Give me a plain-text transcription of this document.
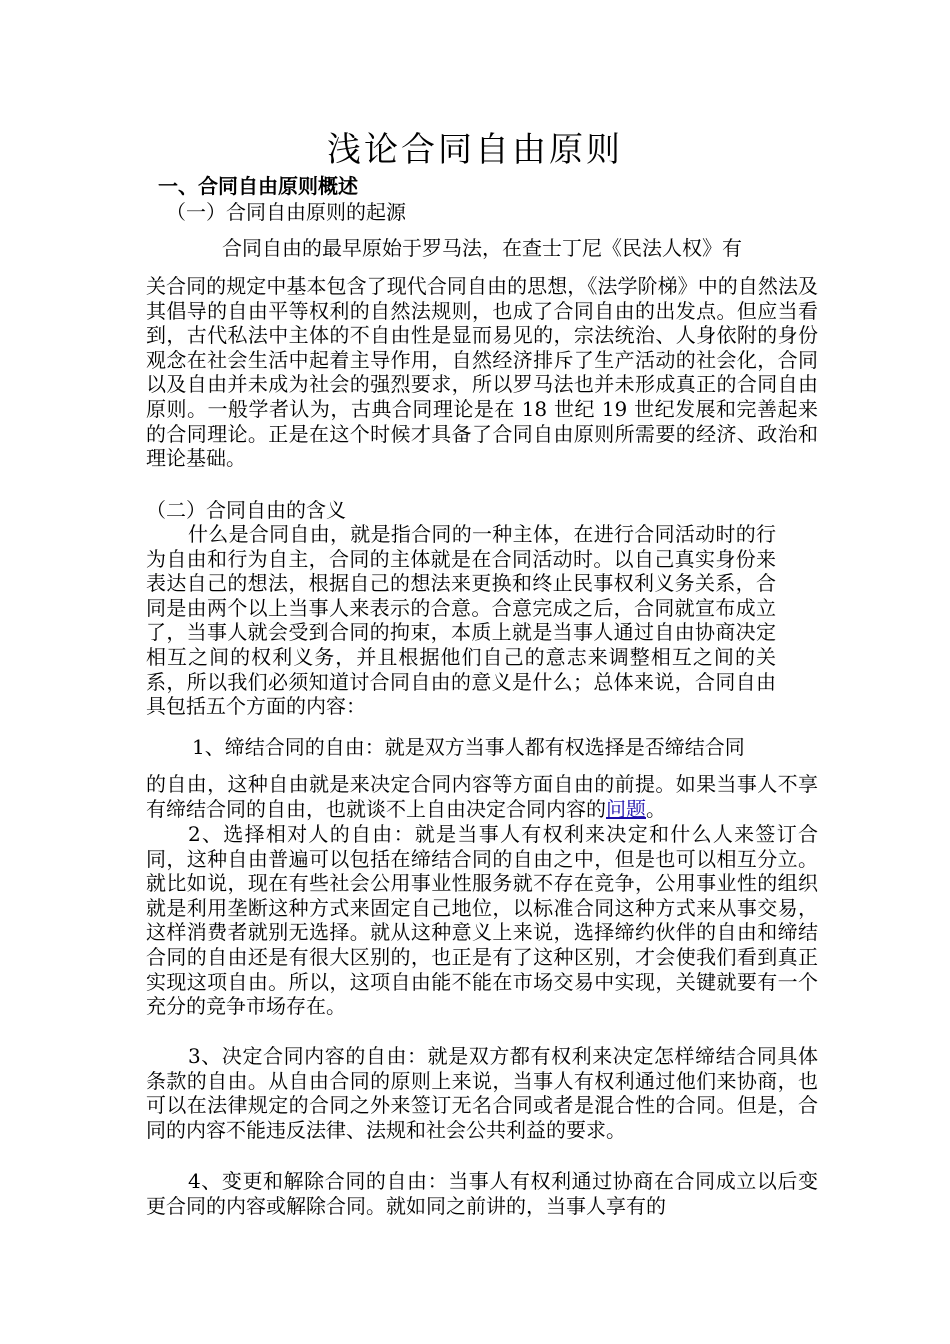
浅论合同自由原则
一、合同自由原则概述
（一）合同自由原则的起源
合同自由的最早原始于罗马法，在查士丁尼《民法人权》有
关合同的规定中基本包含了现代合同自由的思想，《法学阶梯》中的自然法及其倡导的自由平等权利的自然法规则，也成了合同自由的出发点。但应当看到，古代私法中主体的不自由性是显而易见的，宗法统治、人身依附的身份观念在社会生活中起着主导作用，自然经济排斥了生产活动的社会化，合同以及自由并未成为社会的强烈要求，所以罗马法也并未形成真正的合同自由原则。一般学者认为，古典合同理论是在 18 世纪 19 世纪发展和完善起来的合同理论。正是在这个时候才具备了合同自由原则所需要的经济、政治和理论基础。
（二）合同自由的含义
什么是合同自由，就是指合同的一种主体，在进行合同活动时的行为自由和行为自主，合同的主体就是在合同活动时。以自己真实身份来表达自己的想法，根据自己的想法来更换和终止民事权利义务关系，合同是由两个以上当事人来表示的合意。合意完成之后，合同就宣布成立了，当事人就会受到合同的拘束，本质上就是当事人通过自由协商决定相互之间的权利义务，并且根据他们自己的意志来调整相互之间的关系，所以我们必须知道讨合同自由的意义是什么；总体来说，合同自由具包括五个方面的内容：
1、缔结合同的自由：就是双方当事人都有权选择是否缔结合同
的自由，这种自由就是来决定合同内容等方面自由的前提。如果当事人不享有缔结合同的自由，也就谈不上自由决定合同内容的问题。
2、选择相对人的自由：就是当事人有权利来决定和什么人来签订合同，这种自由普遍可以包括在缔结合同的自由之中，但是也可以相互分立。就比如说，现在有些社会公用事业性服务就不存在竞争，公用事业性的组织就是利用垄断这种方式来固定自己地位，以标准合同这种方式来从事交易，这样消费者就别无选择。就从这种意义上来说，选择缔约伙伴的自由和缔结合同的自由还是有很大区别的，也正是有了这种区别，才会使我们看到真正实现这项自由。所以，这项自由能不能在市场交易中实现，关键就要有一个充分的竞争市场存在。
3、决定合同内容的自由：就是双方都有权利来决定怎样缔结合同具体条款的自由。从自由合同的原则上来说，当事人有权利通过他们来协商，也可以在法律规定的合同之外来签订无名合同或者是混合性的合同。但是，合同的内容不能违反法律、法规和社会公共利益的要求。
4、变更和解除合同的自由：当事人有权利通过协商在合同成立以后变更合同的内容或解除合同。就如同之前讲的，当事人享有的
